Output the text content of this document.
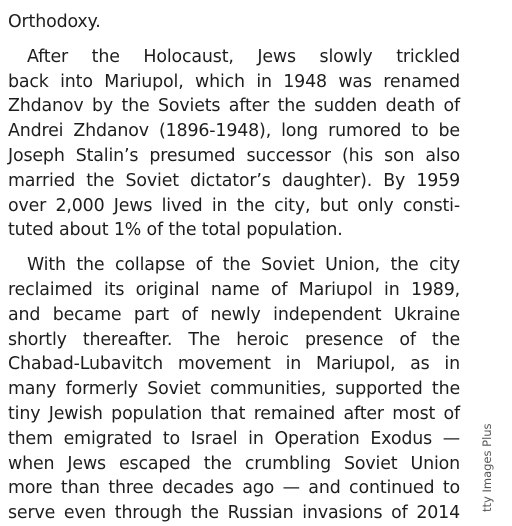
Orthodoxy.
After the Holocaust, Jews slowly trickled
back into Mariupol, which in 1948 was renamed
Zhdanov by the Soviets after the sudden death of
Andrei Zhdanov (1896-1948), long rumored to be
Joseph Stalin’s presumed successor (his son also
married the Soviet dictator’s daughter). By 1959
over 2,000 Jews lived in the city, but only consti-
tuted about 1% of the total population.
With the collapse of the Soviet Union, the city
reclaimed its original name of Mariupol in 1989,
and became part of newly independent Ukraine
shortly thereafter. The heroic presence of the
Chabad-Lubavitch movement in Mariupol, as in
many formerly Soviet communities, supported the
tiny Jewish population that remained after most of
them emigrated to Israel in Operation Exodus —
when Jews escaped the crumbling Soviet Union
more than three decades ago — and continued to
serve even through the Russian invasions of 2014
tty Images Plus
